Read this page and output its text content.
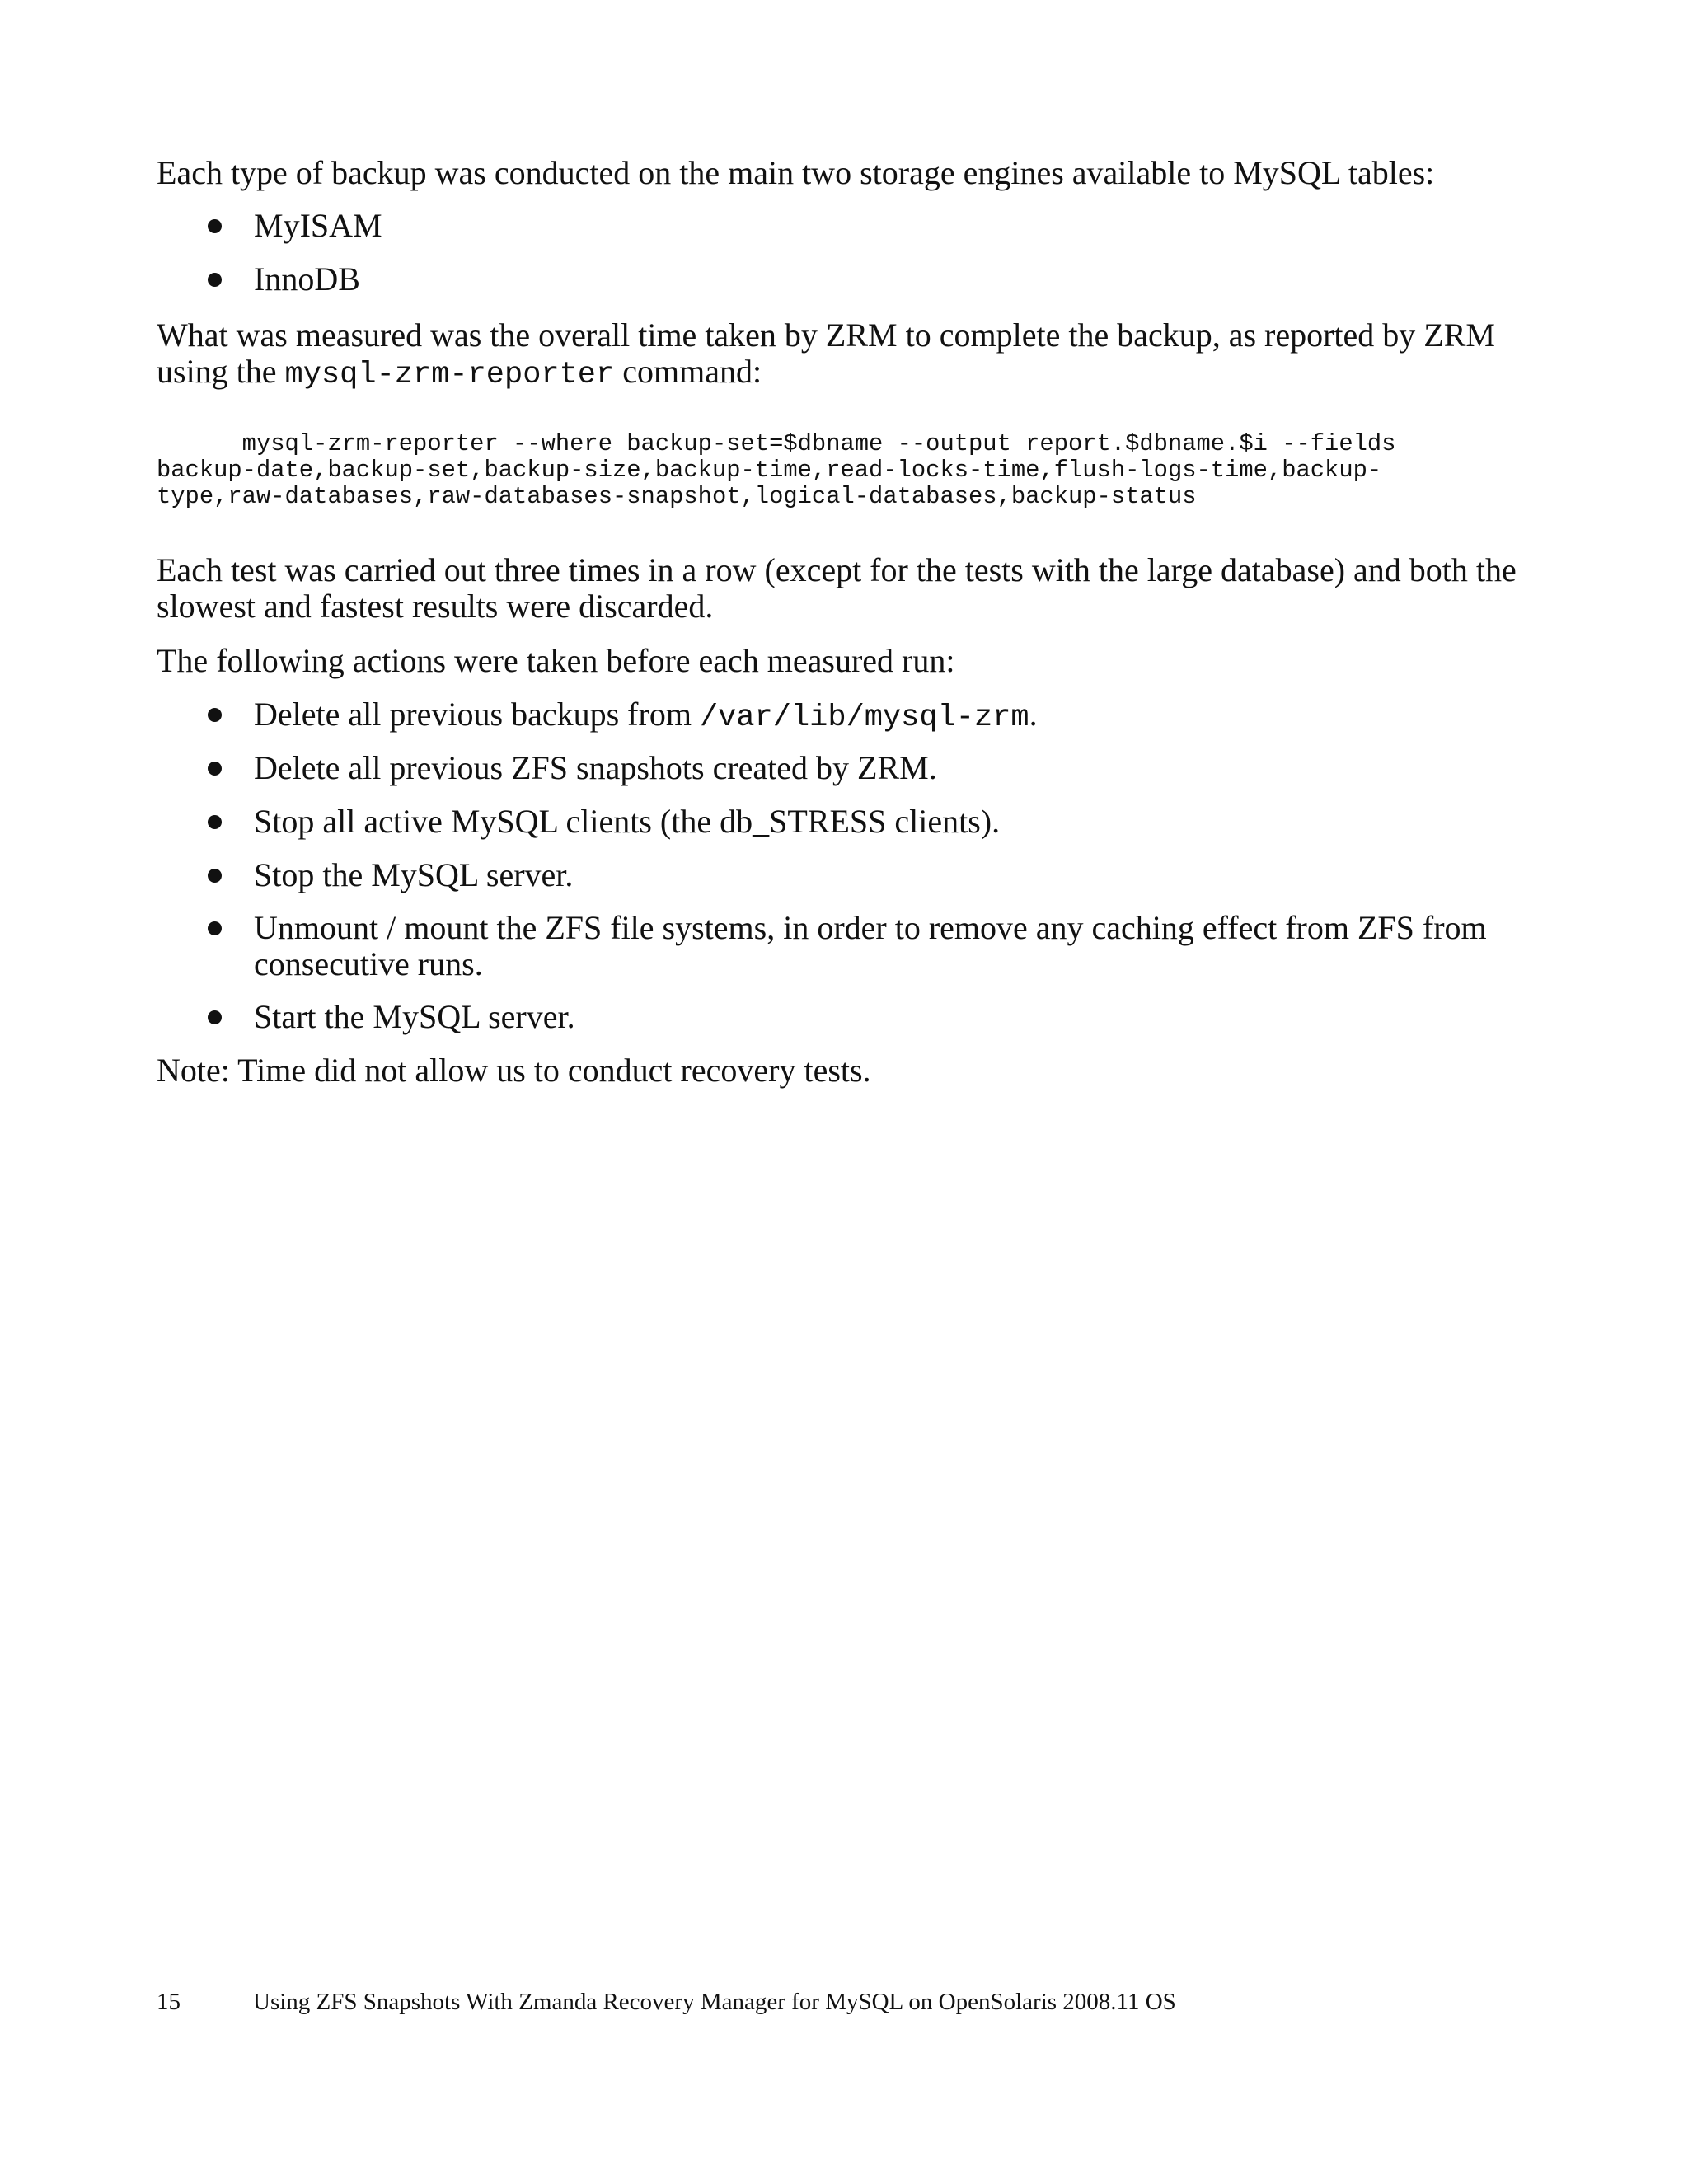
Each type of backup was conducted on the main two storage engines available to MySQL tables:

MyISAM
InnoDB

What was measured was the overall time taken by ZRM to complete the backup, as reported by ZRM using the mysql-zrm-reporter command:

mysql-zrm-reporter --where backup-set=$dbname --output report.$dbname.$i --fields
backup-date,backup-set,backup-size,backup-time,read-locks-time,flush-logs-time,backup-
type,raw-databases,raw-databases-snapshot,logical-databases,backup-status

Each test was carried out three times in a row (except for the tests with the large database) and both the slowest and fastest results were discarded.

The following actions were taken before each measured run:

Delete all previous backups from /var/lib/mysql-zrm.
Delete all previous ZFS snapshots created by ZRM.
Stop all active MySQL clients (the db_STRESS clients).
Stop the MySQL server.
Unmount / mount the ZFS file systems, in order to remove any caching effect from ZFS from consecutive runs.
Start the MySQL server.

Note: Time did not allow us to conduct recovery tests.

15	Using ZFS Snapshots With Zmanda Recovery Manager for MySQL on OpenSolaris 2008.11 OS
